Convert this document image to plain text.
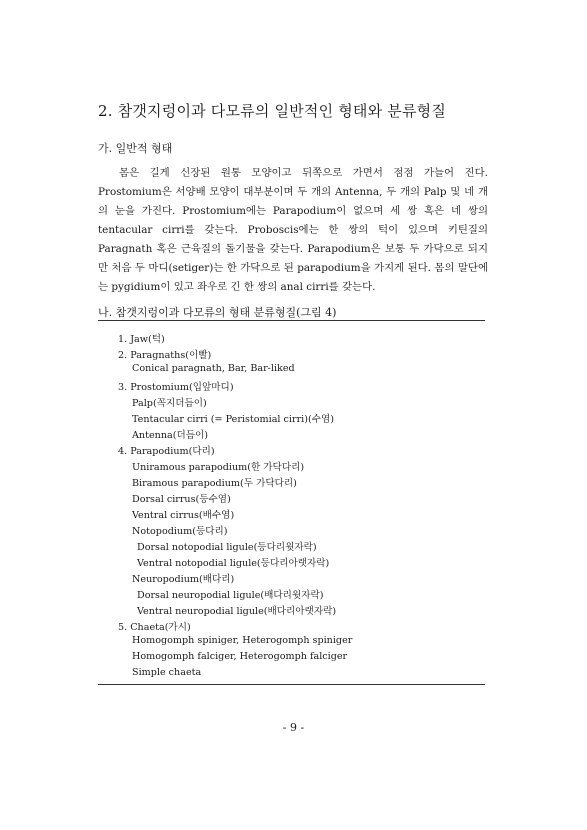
2. 참갯지렁이과 다모류의 일반적인 형태와 분류형질
가. 일반적 형태

몸은 길게 신장된 원통 모양이고 뒤쪽으로 가면서 점점 가늘어 진다. Prostomium은 서양배 모양이 대부분이며 두 개의 Antenna, 두 개의 Palp 및 네 개의 눈을 가진다. Prostomium에는 Parapodium이 없으며 세 쌍 혹은 네 쌍의 tentacular cirri를 갖는다. Proboscis에는 한 쌍의 턱이 있으며 키틴질의 Paragnath 혹은 근육질의 돌기물을 갖는다. Parapodium은 보통 두 가닥으로 되지만 처음 두 마디(setiger)는 한 가닥으로 된 parapodium을 가지게 된다. 몸의 말단에는 pygidium이 있고 좌우로 긴 한 쌍의 anal cirri를 갖는다.

나. 참갯지렁이과 다모류의 형태 분류형질(그림 4)
1. Jaw(턱)
2. Paragnaths(이빨)
Conical paragnath, Bar, Bar-liked
3. Prostomium(입앞마디)
Palp(꼭지더듬이)
Tentacular cirri (= Peristomial cirri)(수염)
Antenna(더듬이)
4. Parapodium(다리)
Uniramous parapodium(한 가닥다리)
Biramous parapodium(두 가닥다리)
Dorsal cirrus(등수염)
Ventral cirrus(배수염)
Notopodium(등다리)
Dorsal notopodial ligule(등다리윗자락)
Ventral notopodial ligule(등다리아랫자락)
Neuropodium(배다리)
Dorsal neuropodial ligule(배다리윗자락)
Ventral neuropodial ligule(배다리아랫자락)
5. Chaeta(가시)
Homogomph spiniger, Heterogomph spiniger
Homogomph falciger, Heterogomph falciger
Simple chaeta
- 9 -
